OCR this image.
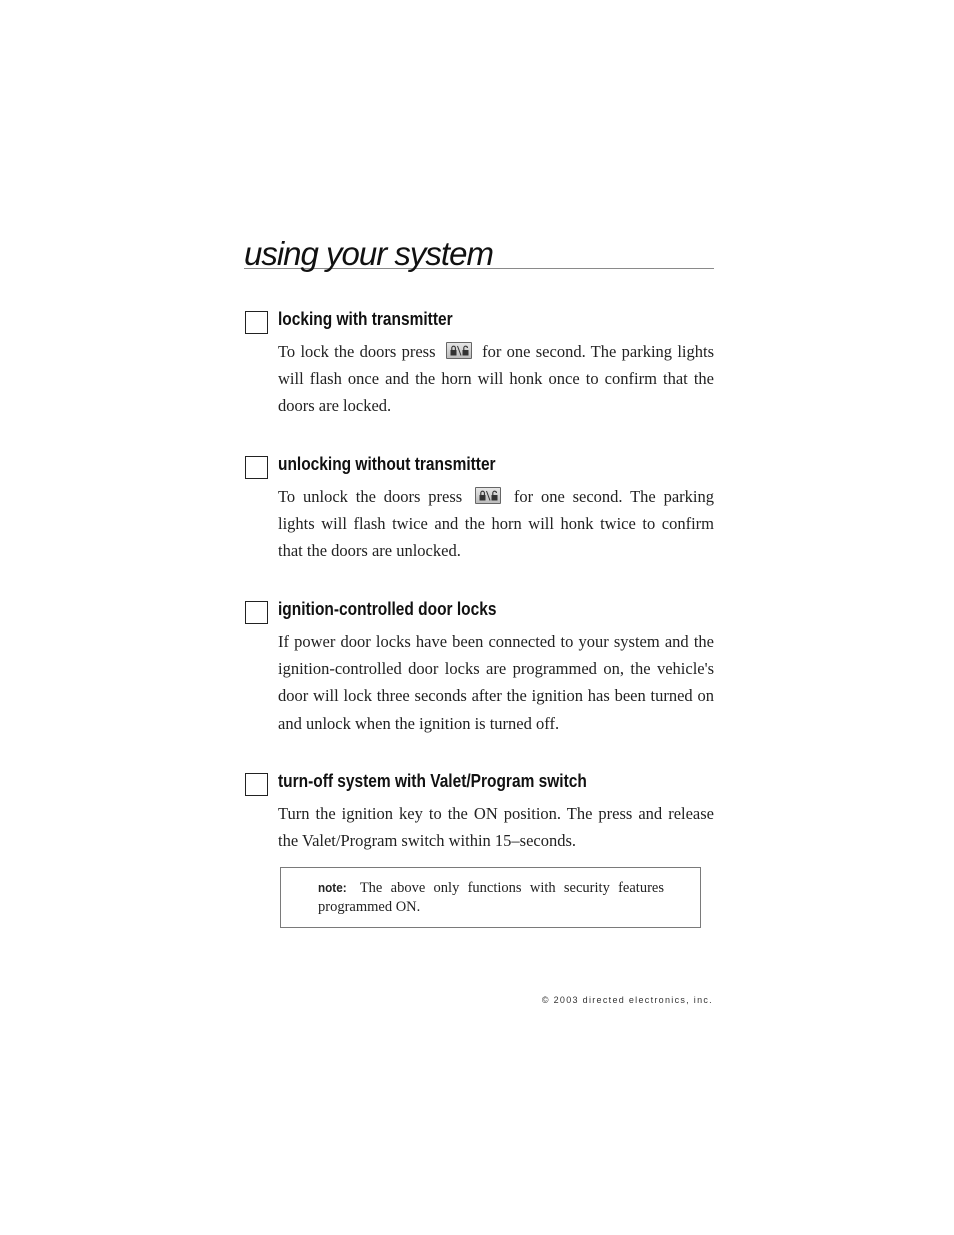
using your system
locking with transmitter
To lock the doors press	for one second. The parking lights will flash once and the horn will honk once to confirm that the doors are locked.
unlocking without transmitter
To unlock the doors press	for one second. The parking lights will flash twice and the horn will honk twice to confirm that the doors are unlocked.
ignition-controlled door locks
If power door locks have been connected to your system and the ignition-controlled door locks are programmed on, the vehicle's door will lock three seconds after the ignition has been turned on and unlock when the ignition is turned off.
turn-off system with Valet/Program switch
Turn the ignition key to the ON position. The press and release the Valet/Program switch within 15–seconds.
note: The above only functions with security features programmed ON.
© 2003 directed electronics, inc.
